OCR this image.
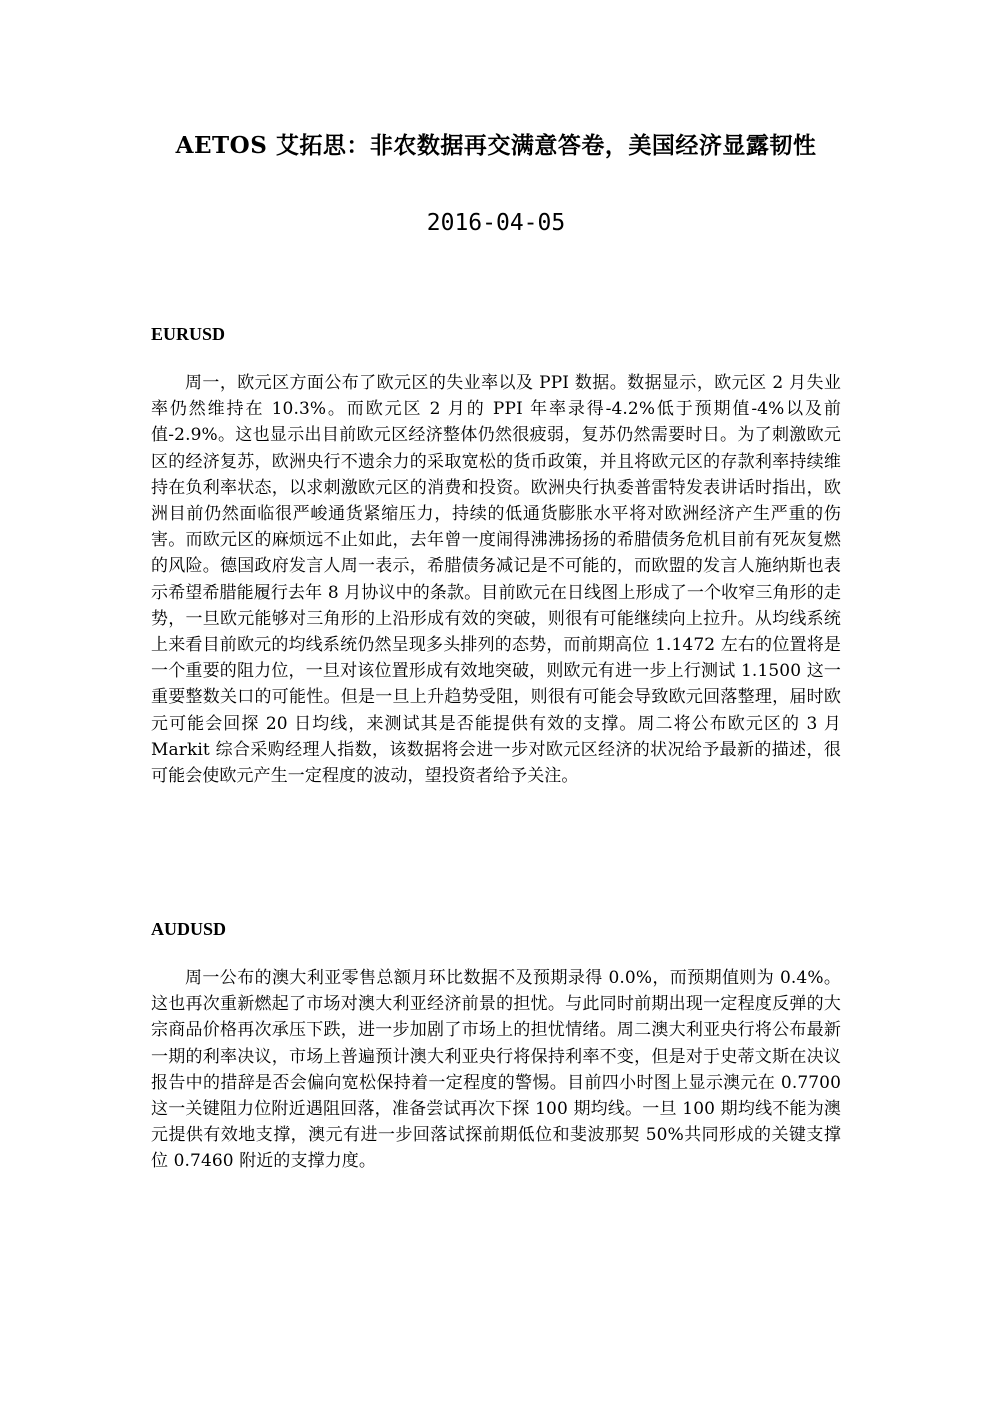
AETOS 艾拓思：非农数据再交满意答卷，美国经济显露韧性
2016-04-05
EURUSD

周一，欧元区方面公布了欧元区的失业率以及 PPI 数据。数据显示，欧元区 2 月失业率仍然维持在 10.3%。而欧元区 2 月的 PPI 年率录得-4.2%低于预期值-4%以及前值-2.9%。这也显示出目前欧元区经济整体仍然很疲弱，复苏仍然需要时日。为了刺激欧元区的经济复苏，欧洲央行不遗余力的采取宽松的货币政策，并且将欧元区的存款利率持续维持在负利率状态，以求刺激欧元区的消费和投资。欧洲央行执委普雷特发表讲话时指出，欧洲目前仍然面临很严峻通货紧缩压力，持续的低通货膨胀水平将对欧洲经济产生严重的伤害。而欧元区的麻烦远不止如此，去年曾一度闹得沸沸扬扬的希腊债务危机目前有死灰复燃的风险。德国政府发言人周一表示，希腊债务减记是不可能的，而欧盟的发言人施纳斯也表示希望希腊能履行去年 8 月协议中的条款。目前欧元在日线图上形成了一个收窄三角形的走势，一旦欧元能够对三角形的上沿形成有效的突破，则很有可能继续向上拉升。从均线系统上来看目前欧元的均线系统仍然呈现多头排列的态势，而前期高位 1.1472 左右的位置将是一个重要的阻力位，一旦对该位置形成有效地突破，则欧元有进一步上行测试 1.1500 这一重要整数关口的可能性。但是一旦上升趋势受阻，则很有可能会导致欧元回落整理，届时欧元可能会回探 20 日均线，来测试其是否能提供有效的支撑。周二将公布欧元区的 3 月 Markit 综合采购经理人指数，该数据将会进一步对欧元区经济的状况给予最新的描述，很可能会使欧元产生一定程度的波动，望投资者给予关注。

AUDUSD

周一公布的澳大利亚零售总额月环比数据不及预期录得 0.0%，而预期值则为 0.4%。这也再次重新燃起了市场对澳大利亚经济前景的担忧。与此同时前期出现一定程度反弹的大宗商品价格再次承压下跌，进一步加剧了市场上的担忧情绪。周二澳大利亚央行将公布最新一期的利率决议，市场上普遍预计澳大利亚央行将保持利率不变，但是对于史蒂文斯在决议报告中的措辞是否会偏向宽松保持着一定程度的警惕。目前四小时图上显示澳元在 0.7700 这一关键阻力位附近遇阻回落，准备尝试再次下探 100 期均线。一旦 100 期均线不能为澳元提供有效地支撑，澳元有进一步回落试探前期低位和斐波那契 50%共同形成的关键支撑位 0.7460 附近的支撑力度。
